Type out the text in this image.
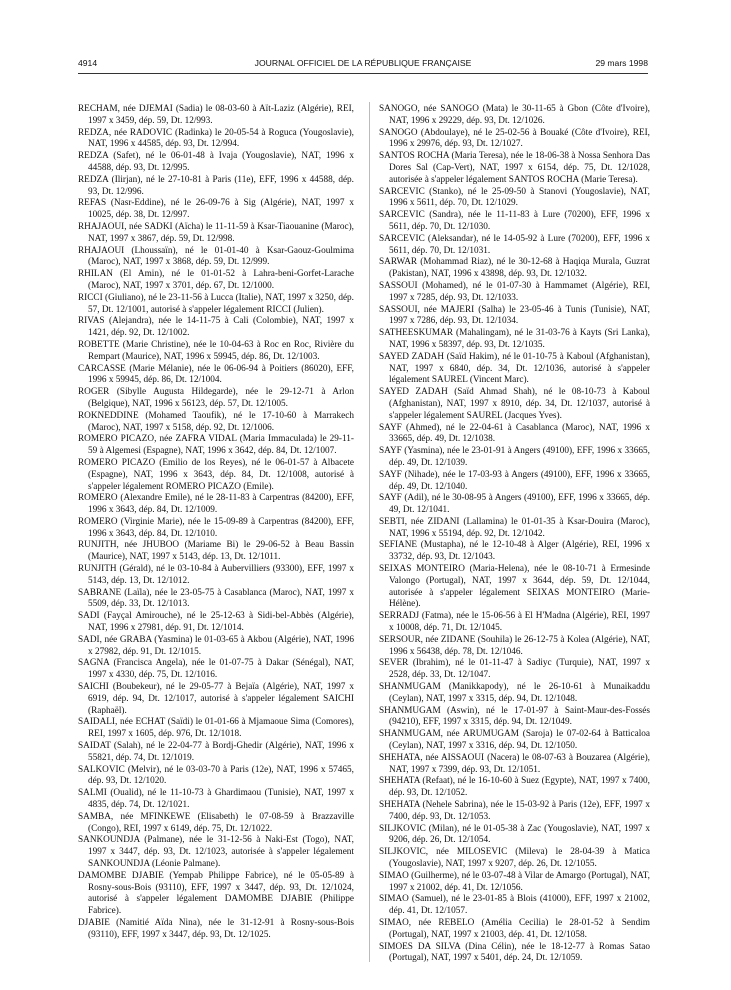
4914	JOURNAL OFFICIEL DE LA RÉPUBLIQUE FRANÇAISE	29 mars 1998

RECHAM, née DJEMAI (Sadia) le 08-03-60 à Aït-Laziz (Algérie), REI, 1997 x 3459, dép. 59, Dt. 12/993.

REDZA, née RADOVIC (Radinka) le 20-05-54 à Roguca (Yougoslavie), NAT, 1996 x 44585, dép. 93, Dt. 12/994.

REDZA (Safet), né le 06-01-48 à Ivaja (Yougoslavie), NAT, 1996 x 44588, dép. 93, Dt. 12/995.

REDZA (Ilirjan), né le 27-10-81 à Paris (11e), EFF, 1996 x 44588, dép. 93, Dt. 12/996.

REFAS (Nasr-Eddine), né le 26-09-76 à Sig (Algérie), NAT, 1997 x 10025, dép. 38, Dt. 12/997.

RHAJAOUI, née SADKI (Aïcha) le 11-11-59 à Ksar-Tiaouanine (Maroc), NAT, 1997 x 3867, dép. 59, Dt. 12/998.

RHAJAOUI (Lhoussaïn), né le 01-01-40 à Ksar-Gaouz-Goulmima (Maroc), NAT, 1997 x 3868, dép. 59, Dt. 12/999.

RHILAN (El Amin), né le 01-01-52 à Lahra-beni-Gorfet-Larache (Maroc), NAT, 1997 x 3701, dép. 67, Dt. 12/1000.

RICCI (Giuliano), né le 23-11-56 à Lucca (Italie), NAT, 1997 x 3250, dép. 57, Dt. 12/1001, autorisé à s'appeler légalement RICCI (Julien).

RIVAS (Alejandra), née le 14-11-75 à Cali (Colombie), NAT, 1997 x 1421, dép. 92, Dt. 12/1002.

ROBETTE (Marie Christine), née le 10-04-63 à Roc en Roc, Rivière du Rempart (Maurice), NAT, 1996 x 59945, dép. 86, Dt. 12/1003.

CARCASSE (Marie Mélanie), née le 06-06-94 à Poitiers (86020), EFF, 1996 x 59945, dép. 86, Dt. 12/1004.

ROGER (Sibylle Augusta Hildegarde), née le 29-12-71 à Arlon (Belgique), NAT, 1996 x 56123, dép. 57, Dt. 12/1005.

ROKNEDDINE (Mohamed Taoufik), né le 17-10-60 à Marrakech (Maroc), NAT, 1997 x 5158, dép. 92, Dt. 12/1006.

ROMERO PICAZO, née ZAFRA VIDAL (Maria Immaculada) le 29-11-59 à Algemesi (Espagne), NAT, 1996 x 3642, dép. 84, Dt. 12/1007.

ROMERO PICAZO (Emilio de los Reyes), né le 06-01-57 à Albacete (Espagne), NAT, 1996 x 3643, dép. 84, Dt. 12/1008, autorisé à s'appeler légalement ROMERO PICAZO (Emile).

ROMERO (Alexandre Emile), né le 28-11-83 à Carpentras (84200), EFF, 1996 x 3643, dép. 84, Dt. 12/1009.

ROMERO (Virginie Marie), née le 15-09-89 à Carpentras (84200), EFF, 1996 x 3643, dép. 84, Dt. 12/1010.

RUNJITH, née JHUBOO (Mariame Bi) le 29-06-52 à Beau Bassin (Maurice), NAT, 1997 x 5143, dép. 13, Dt. 12/1011.

RUNJITH (Gérald), né le 03-10-84 à Aubervilliers (93300), EFF, 1997 x 5143, dép. 13, Dt. 12/1012.

SABRANE (Laïla), née le 23-05-75 à Casablanca (Maroc), NAT, 1997 x 5509, dép. 33, Dt. 12/1013.

SADI (Fayçal Amirouche), né le 25-12-63 à Sidi-bel-Abbès (Algérie), NAT, 1996 x 27981, dép. 91, Dt. 12/1014.

SADI, née GRABA (Yasmina) le 01-03-65 à Akbou (Algérie), NAT, 1996 x 27982, dép. 91, Dt. 12/1015.

SAGNA (Francisca Angela), née le 01-07-75 à Dakar (Sénégal), NAT, 1997 x 4330, dép. 75, Dt. 12/1016.

SAICHI (Boubekeur), né le 29-05-77 à Bejaïa (Algérie), NAT, 1997 x 6919, dép. 94, Dt. 12/1017, autorisé à s'appeler légalement SAICHI (Raphaël).

SAIDALI, née ECHAT (Saïdi) le 01-01-66 à Mjamaoue Sima (Comores), REI, 1997 x 1605, dép. 976, Dt. 12/1018.

SAIDAT (Salah), né le 22-04-77 à Bordj-Ghedir (Algérie), NAT, 1996 x 55821, dép. 74, Dt. 12/1019.

SALKOVIC (Melvir), né le 03-03-70 à Paris (12e), NAT, 1996 x 57465, dép. 93, Dt. 12/1020.

SALMI (Oualid), né le 11-10-73 à Ghardimaou (Tunisie), NAT, 1997 x 4835, dép. 74, Dt. 12/1021.

SAMBA, née MFINKEWE (Elisabeth) le 07-08-59 à Brazzaville (Congo), REI, 1997 x 6149, dép. 75, Dt. 12/1022.

SANKOUNDJA (Palmane), née le 31-12-56 à Naki-Est (Togo), NAT, 1997 x 3447, dép. 93, Dt. 12/1023, autorisée à s'appeler légalement SANKOUNDJA (Léonie Palmane).

DAMOMBE DJABIE (Yempab Philippe Fabrice), né le 05-05-89 à Rosny-sous-Bois (93110), EFF, 1997 x 3447, dép. 93, Dt. 12/1024, autorisé à s'appeler légalement DAMOMBE DJABIE (Philippe Fabrice).

DJABIE (Namitié Aïda Nina), née le 31-12-91 à Rosny-sous-Bois (93110), EFF, 1997 x 3447, dép. 93, Dt. 12/1025.

SANOGO, née SANOGO (Mata) le 30-11-65 à Gbon (Côte d'Ivoire), NAT, 1996 x 29229, dép. 93, Dt. 12/1026.

SANOGO (Abdoulaye), né le 25-02-56 à Bouaké (Côte d'Ivoire), REI, 1996 x 29976, dép. 93, Dt. 12/1027.

SANTOS ROCHA (Maria Teresa), née le 18-06-38 à Nossa Senhora Das Dores Sal (Cap-Vert), NAT, 1997 x 6154, dép. 75, Dt. 12/1028, autorisée à s'appeler légalement SANTOS ROCHA (Marie Teresa).

SARCEVIC (Stanko), né le 25-09-50 à Stanovi (Yougoslavie), NAT, 1996 x 5611, dép. 70, Dt. 12/1029.

SARCEVIC (Sandra), née le 11-11-83 à Lure (70200), EFF, 1996 x 5611, dép. 70, Dt. 12/1030.

SARCEVIC (Aleksandar), né le 14-05-92 à Lure (70200), EFF, 1996 x 5611, dép. 70, Dt. 12/1031.

SARWAR (Mohammad Riaz), né le 30-12-68 à Haqiqa Murala, Guzrat (Pakistan), NAT, 1996 x 43898, dép. 93, Dt. 12/1032.

SASSOUI (Mohamed), né le 01-07-30 à Hammamet (Algérie), REI, 1997 x 7285, dép. 93, Dt. 12/1033.

SASSOUI, née MAJERI (Salha) le 23-05-46 à Tunis (Tunisie), NAT, 1997 x 7286, dép. 93, Dt. 12/1034.

SATHEESKUMAR (Mahalingam), né le 31-03-76 à Kayts (Sri Lanka), NAT, 1996 x 58397, dép. 93, Dt. 12/1035.

SAYED ZADAH (Saïd Hakim), né le 01-10-75 à Kaboul (Afghanistan), NAT, 1997 x 6840, dép. 34, Dt. 12/1036, autorisé à s'appeler légalement SAUREL (Vincent Marc).

SAYED ZADAH (Saïd Ahmad Shah), né le 08-10-73 à Kaboul (Afghanistan), NAT, 1997 x 8910, dép. 34, Dt. 12/1037, autorisé à s'appeler légalement SAUREL (Jacques Yves).

SAYF (Ahmed), né le 22-04-61 à Casablanca (Maroc), NAT, 1996 x 33665, dép. 49, Dt. 12/1038.

SAYF (Yasmina), née le 23-01-91 à Angers (49100), EFF, 1996 x 33665, dép. 49, Dt. 12/1039.

SAYF (Nihade), née le 17-03-93 à Angers (49100), EFF, 1996 x 33665, dép. 49, Dt. 12/1040.

SAYF (Adil), né le 30-08-95 à Angers (49100), EFF, 1996 x 33665, dép. 49, Dt. 12/1041.

SEBTI, née ZIDANI (Lallamina) le 01-01-35 à Ksar-Douira (Maroc), NAT, 1996 x 55194, dép. 92, Dt. 12/1042.

SEFIANE (Mustapha), né le 12-10-48 à Alger (Algérie), REI, 1996 x 33732, dép. 93, Dt. 12/1043.

SEIXAS MONTEIRO (Maria-Helena), née le 08-10-71 à Ermesinde Valongo (Portugal), NAT, 1997 x 3644, dép. 59, Dt. 12/1044, autorisée à s'appeler légalement SEIXAS MONTEIRO (Marie-Hélène).

SERRADJ (Fatma), née le 15-06-56 à El H'Madna (Algérie), REI, 1997 x 10008, dép. 71, Dt. 12/1045.

SERSOUR, née ZIDANE (Souhila) le 26-12-75 à Kolea (Algérie), NAT, 1996 x 56438, dép. 78, Dt. 12/1046.

SEVER (Ibrahim), né le 01-11-47 à Sadiyc (Turquie), NAT, 1997 x 2528, dép. 33, Dt. 12/1047.

SHANMUGAM (Manikkapody), né le 26-10-61 à Munaikaddu (Ceylan), NAT, 1997 x 3315, dép. 94, Dt. 12/1048.

SHANMUGAM (Aswin), né le 17-01-97 à Saint-Maur-des-Fossés (94210), EFF, 1997 x 3315, dép. 94, Dt. 12/1049.

SHANMUGAM, née ARUMUGAM (Saroja) le 07-02-64 à Batticaloa (Ceylan), NAT, 1997 x 3316, dép. 94, Dt. 12/1050.

SHEHATA, née AISSAOUI (Nacera) le 08-07-63 à Bouzarea (Algérie), NAT, 1997 x 7399, dép. 93, Dt. 12/1051.

SHEHATA (Refaat), né le 16-10-60 à Suez (Egypte), NAT, 1997 x 7400, dép. 93, Dt. 12/1052.

SHEHATA (Nehele Sabrina), née le 15-03-92 à Paris (12e), EFF, 1997 x 7400, dép. 93, Dt. 12/1053.

SILJKOVIC (Milan), né le 01-05-38 à Zac (Yougoslavie), NAT, 1997 x 9206, dép. 26, Dt. 12/1054.

SILJKOVIC, née MILOSEVIC (Mileva) le 28-04-39 à Matica (Yougoslavie), NAT, 1997 x 9207, dép. 26, Dt. 12/1055.

SIMAO (Guilherme), né le 03-07-48 à Vilar de Amargo (Portugal), NAT, 1997 x 21002, dép. 41, Dt. 12/1056.

SIMAO (Samuel), né le 23-01-85 à Blois (41000), EFF, 1997 x 21002, dép. 41, Dt. 12/1057.

SIMAO, née REBELO (Amélia Cecilia) le 28-01-52 à Sendim (Portugal), NAT, 1997 x 21003, dép. 41, Dt. 12/1058.

SIMOES DA SILVA (Dina Célin), née le 18-12-77 à Romas Satao (Portugal), NAT, 1997 x 5401, dép. 24, Dt. 12/1059.
